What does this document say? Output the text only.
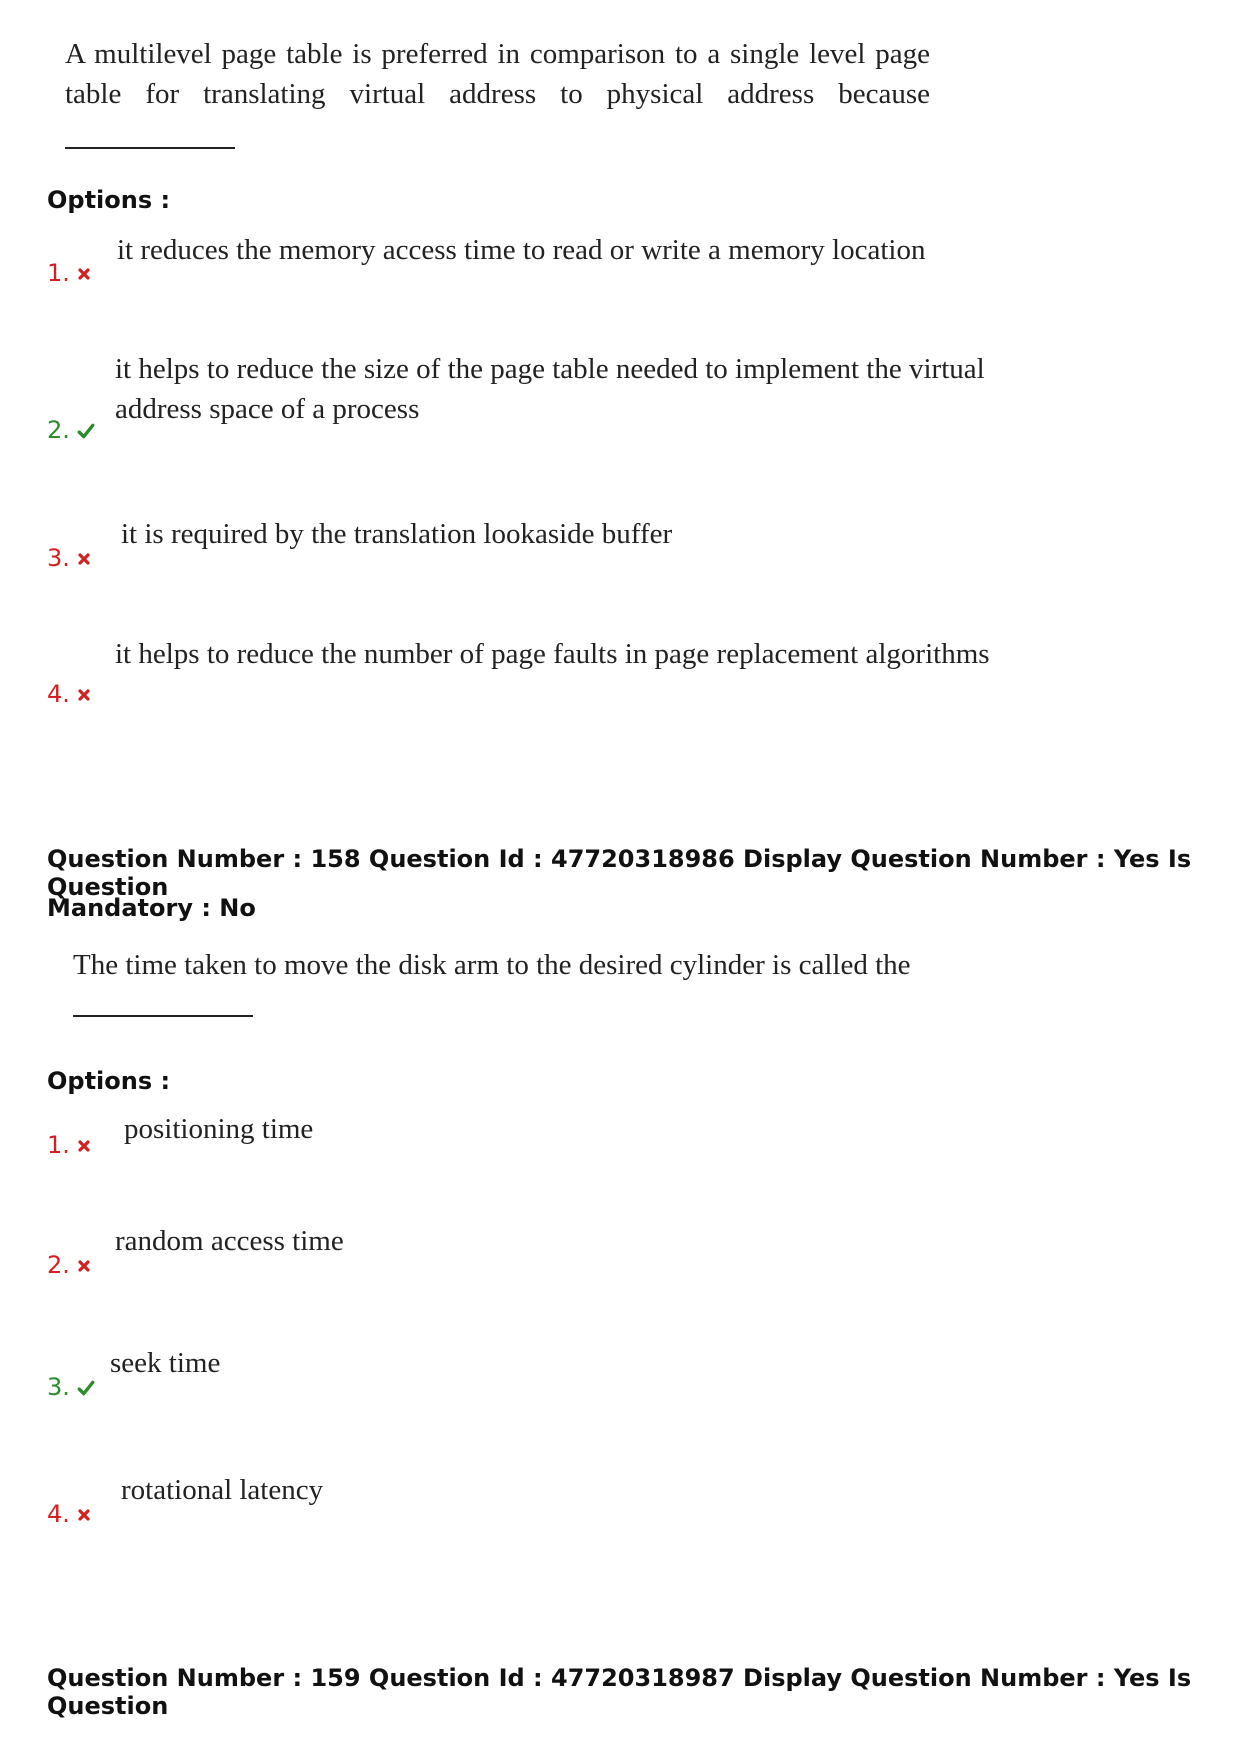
A multilevel page table is preferred in comparison to a single level page
table for translating virtual address to physical address because
Options :
1.
it reduces the memory access time to read or write a memory location
2.
it helps to reduce the size of the page table needed to implement the virtual
address space of a process
3.
it is required by the translation lookaside buffer
4.
it helps to reduce the number of page faults in page replacement algorithms
Question Number : 158 Question Id : 47720318986 Display Question Number : Yes Is Question
Mandatory : No
The time taken to move the disk arm to the desired cylinder is called the
Options :
1.	positioning time
2.
random access time
3.
seek time
4.
rotational latency
Question Number : 159 Question Id : 47720318987 Display Question Number : Yes Is Question
